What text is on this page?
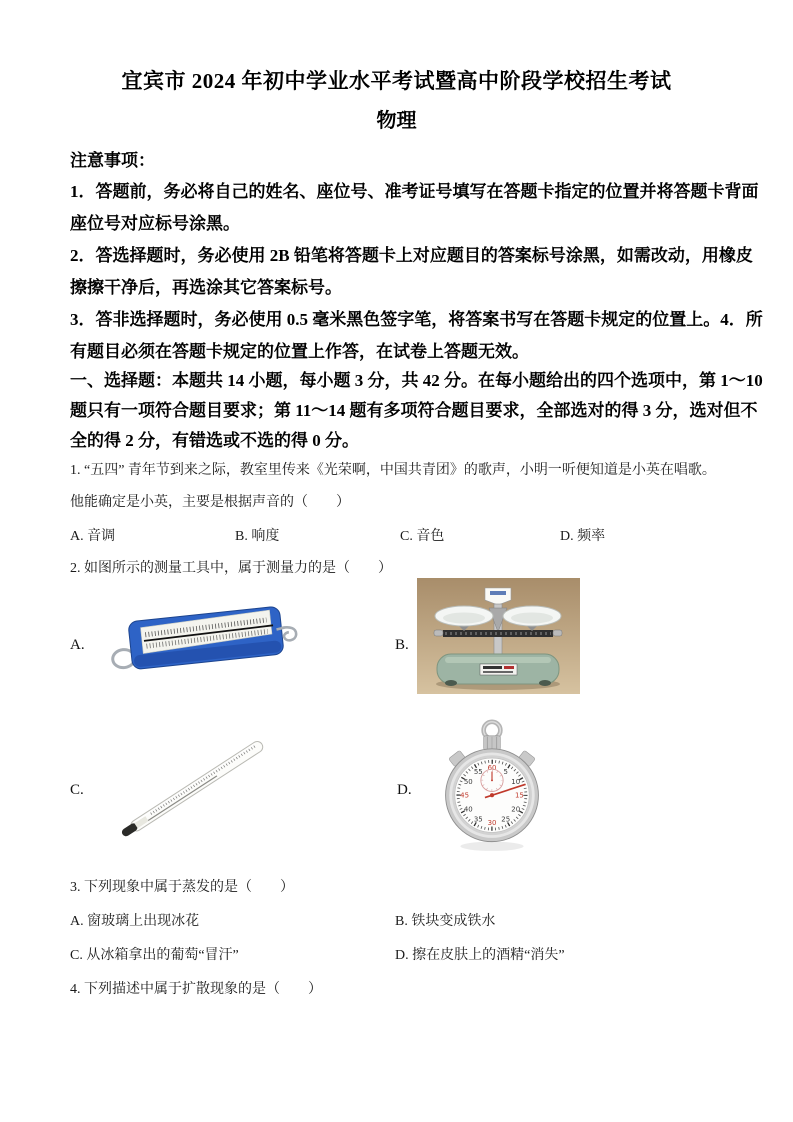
宜宾市 2024 年初中学业水平考试暨高中阶段学校招生考试
物理
注意事项：
1．答题前，务必将自己的姓名、座位号、准考证号填写在答题卡指定的位置并将答题卡背面
座位号对应标号涂黑。
2．答选择题时，务必使用 2B 铅笔将答题卡上对应题目的答案标号涂黑，如需改动，用橡皮
擦擦干净后，再选涂其它答案标号。
3．答非选择题时，务必使用 0.5 毫米黑色签字笔，将答案书写在答题卡规定的位置上。4．所
有题目必须在答题卡规定的位置上作答，在试卷上答题无效。
一、选择题：本题共 14 小题，每小题 3 分，共 42 分。在每小题给出的四个选项中，第 1～10
题只有一项符合题目要求；第 11～14 题有多项符合题目要求，全部选对的得 3 分，选对但不
全的得 2 分，有错选或不选的得 0 分。
1. “五四” 青年节到来之际，教室里传来《光荣啊，中国共青团》的歌声，小明一听便知道是小英在唱歌。
他能确定是小英，主要是根据声音的（　　）
A. 音调	B. 响度	C. 音色	D. 频率
2. 如图所示的测量工具中，属于测量力的是（　　）
A.	B.
C.	D.
60 5
10
15
20
25
30
35
40
45
50
55
3. 下列现象中属于蒸发的是（　　）
A. 窗玻璃上出现冰花	B. 铁块变成铁水
C. 从冰箱拿出的葡萄“冒汗”	D. 擦在皮肤上的酒精“消失”
4. 下列描述中属于扩散现象的是（　　）
